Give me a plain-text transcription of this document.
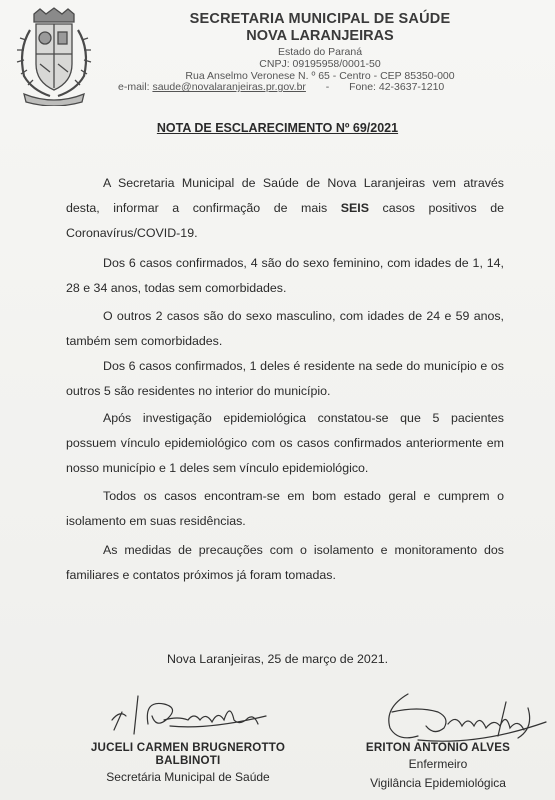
SECRETARIA MUNICIPAL DE SAÚDE
NOVA LARANJEIRAS
Estado do Paraná
CNPJ: 09195958/0001-50
Rua Anselmo Veronese N. º 65 - Centro - CEP 85350-000
e-mail: saude@novalaranjeiras.pr.gov.br - Fone: 42-3637-1210
NOTA DE ESCLARECIMENTO Nº 69/2021

A Secretaria Municipal de Saúde de Nova Laranjeiras vem através desta, informar a confirmação de mais SEIS casos positivos de Coronavírus/COVID-19.

Dos 6 casos confirmados, 4 são do sexo feminino, com idades de 1, 14, 28 e 34 anos, todas sem comorbidades.

O outros 2 casos são do sexo masculino, com idades de 24 e 59 anos, também sem comorbidades.

Dos 6 casos confirmados, 1 deles é residente na sede do município e os outros 5 são residentes no interior do município.

Após investigação epidemiológica constatou-se que 5 pacientes possuem vínculo epidemiológico com os casos confirmados anteriormente em nosso município e 1 deles sem vínculo epidemiológico.

Todos os casos encontram-se em bom estado geral e cumprem o isolamento em suas residências.

As medidas de precauções com o isolamento e monitoramento dos familiares e contatos próximos já foram tomadas.

Nova Laranjeiras, 25 de março de 2021.
JUCELI CARMEN BRUGNEROTTO BALBINOTI
Secretária Municipal de Saúde
ERITON ANTONIO ALVES
Enfermeiro
Vigilância Epidemiológica
